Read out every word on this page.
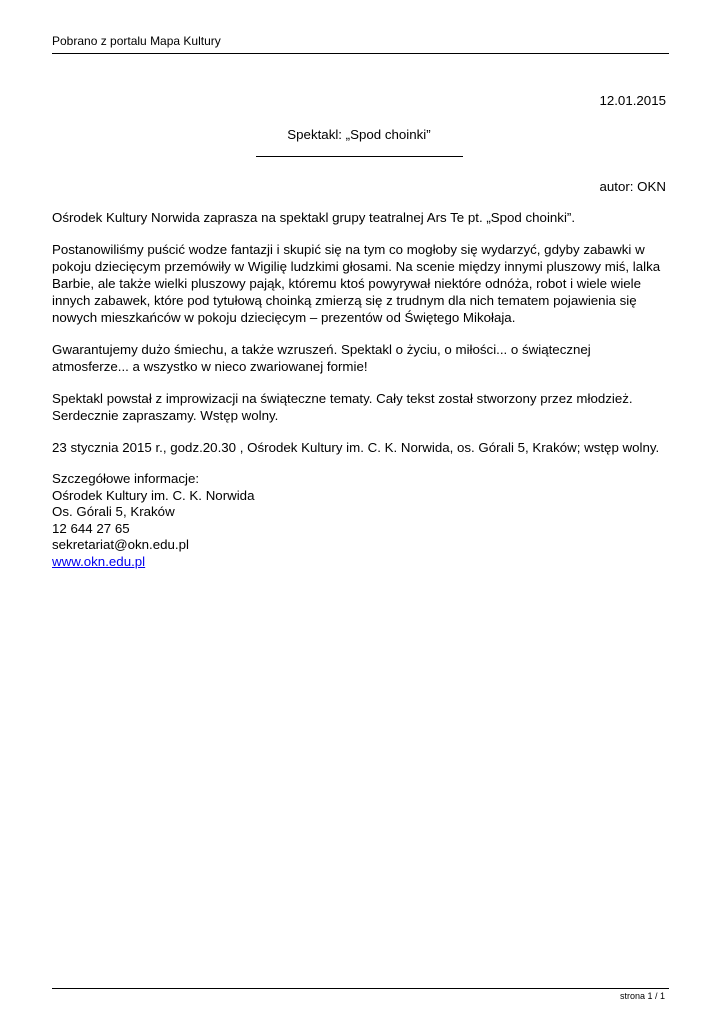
Pobrano z portalu Mapa Kultury
12.01.2015
Spektakl: „Spod choinki”
autor: OKN

Ośrodek Kultury Norwida zaprasza na spektakl grupy teatralnej Ars Te pt. „Spod choinki”.

Postanowiliśmy puścić wodze fantazji i skupić się na tym co mogłoby się wydarzyć, gdyby zabawki w pokoju dziecięcym przemówiły w Wigilię ludzkimi głosami. Na scenie między innymi pluszowy miś, lalka Barbie, ale także wielki pluszowy pająk, któremu ktoś powyrywał niektóre odnóża, robot i wiele wiele innych zabawek, które pod tytułową choinką zmierzą się z trudnym dla nich tematem pojawienia się nowych mieszkańców w pokoju dziecięcym – prezentów od Świętego Mikołaja.

Gwarantujemy dużo śmiechu, a także wzruszeń. Spektakl o życiu, o miłości... o świątecznej atmosferze... a wszystko w nieco zwariowanej formie!

Spektakl powstał z improwizacji na świąteczne tematy. Cały tekst został stworzony przez młodzież. Serdecznie zapraszamy. Wstęp wolny.

23 stycznia 2015 r., godz.20.30 , Ośrodek Kultury im. C. K. Norwida, os. Górali 5, Kraków; wstęp wolny.

Szczegółowe informacje:
Ośrodek Kultury im. C. K. Norwida
Os. Górali 5, Kraków
12 644 27 65
sekretariat@okn.edu.pl
www.okn.edu.pl
strona 1 / 1
